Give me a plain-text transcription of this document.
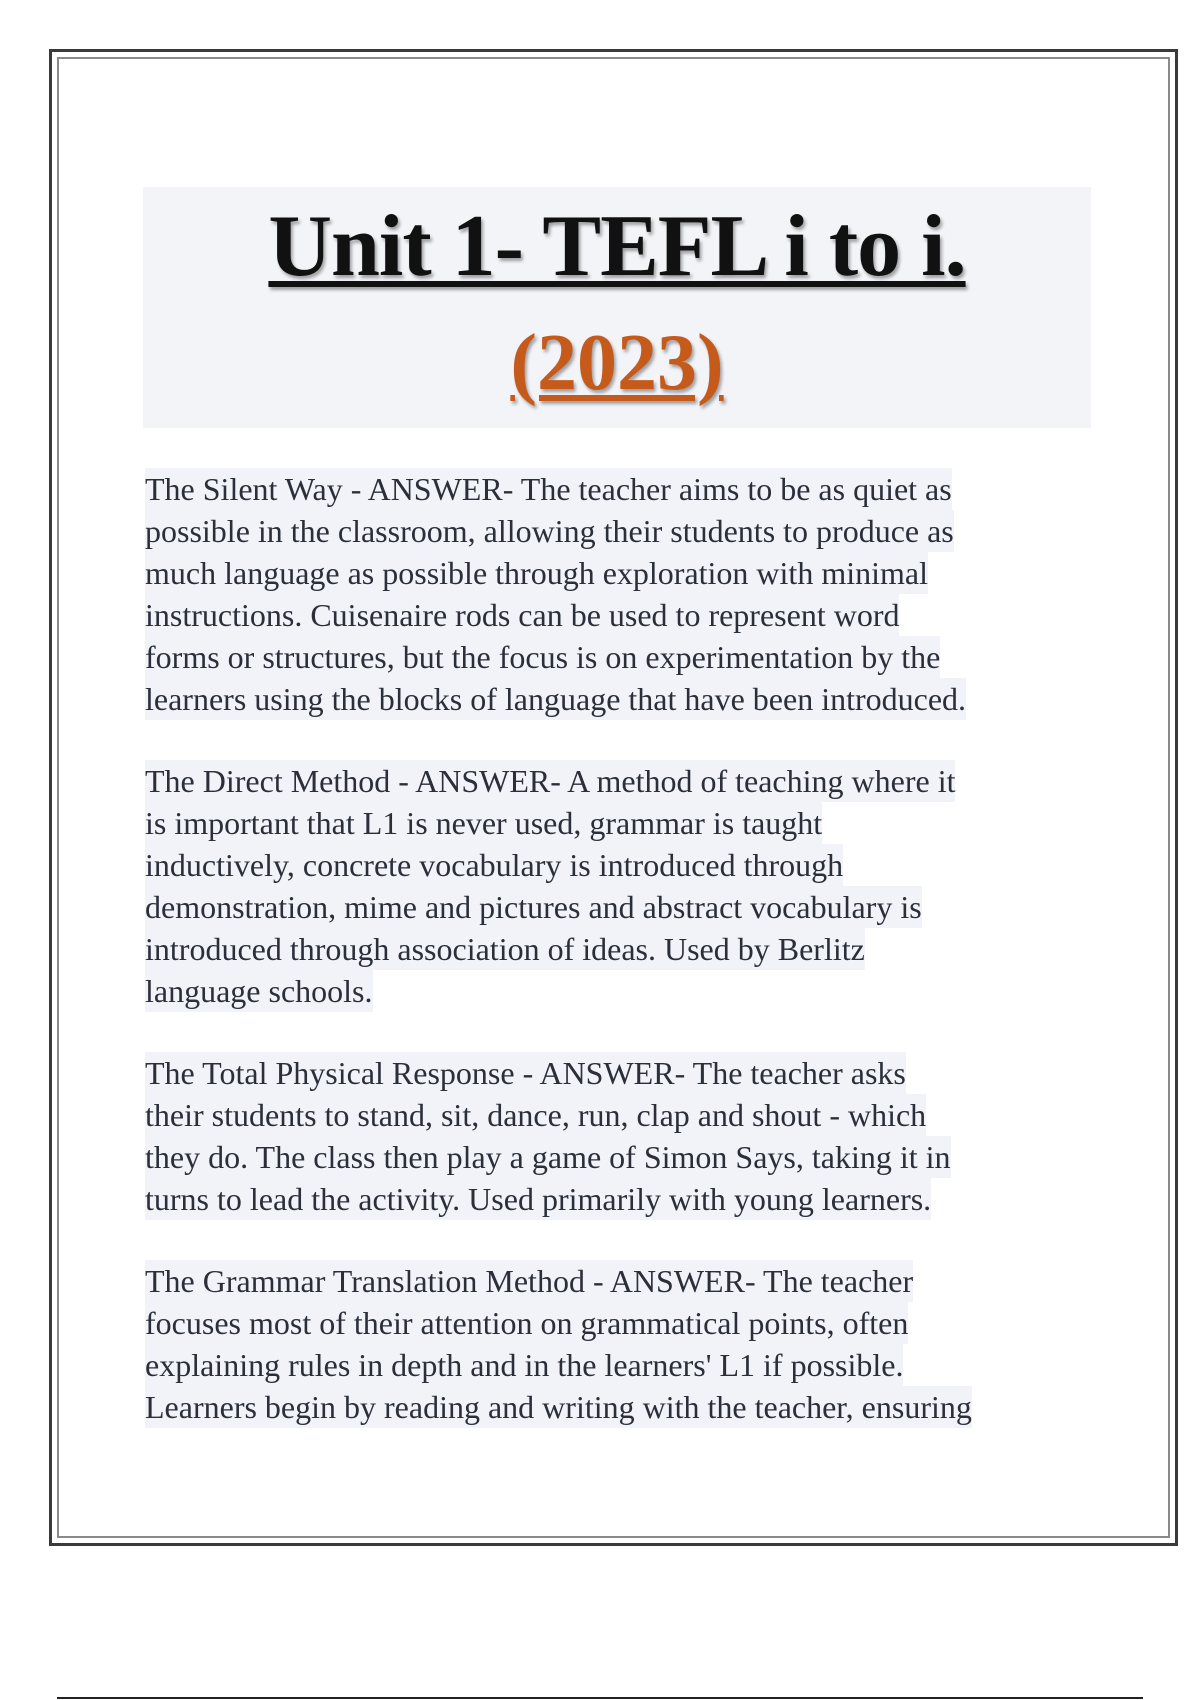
Unit 1- TEFL i to i.
(2023)
The Silent Way - ANSWER- The teacher aims to be as quiet as
possible in the classroom, allowing their students to produce as
much language as possible through exploration with minimal
instructions. Cuisenaire rods can be used to represent word
forms or structures, but the focus is on experimentation by the
learners using the blocks of language that have been introduced.
The Direct Method - ANSWER- A method of teaching where it
is important that L1 is never used, grammar is taught
inductively, concrete vocabulary is introduced through
demonstration, mime and pictures and abstract vocabulary is
introduced through association of ideas. Used by Berlitz
language schools.
The Total Physical Response - ANSWER- The teacher asks
their students to stand, sit, dance, run, clap and shout - which
they do. The class then play a game of Simon Says, taking it in
turns to lead the activity. Used primarily with young learners.
The Grammar Translation Method - ANSWER- The teacher
focuses most of their attention on grammatical points, often
explaining rules in depth and in the learners' L1 if possible.
Learners begin by reading and writing with the teacher, ensuring
